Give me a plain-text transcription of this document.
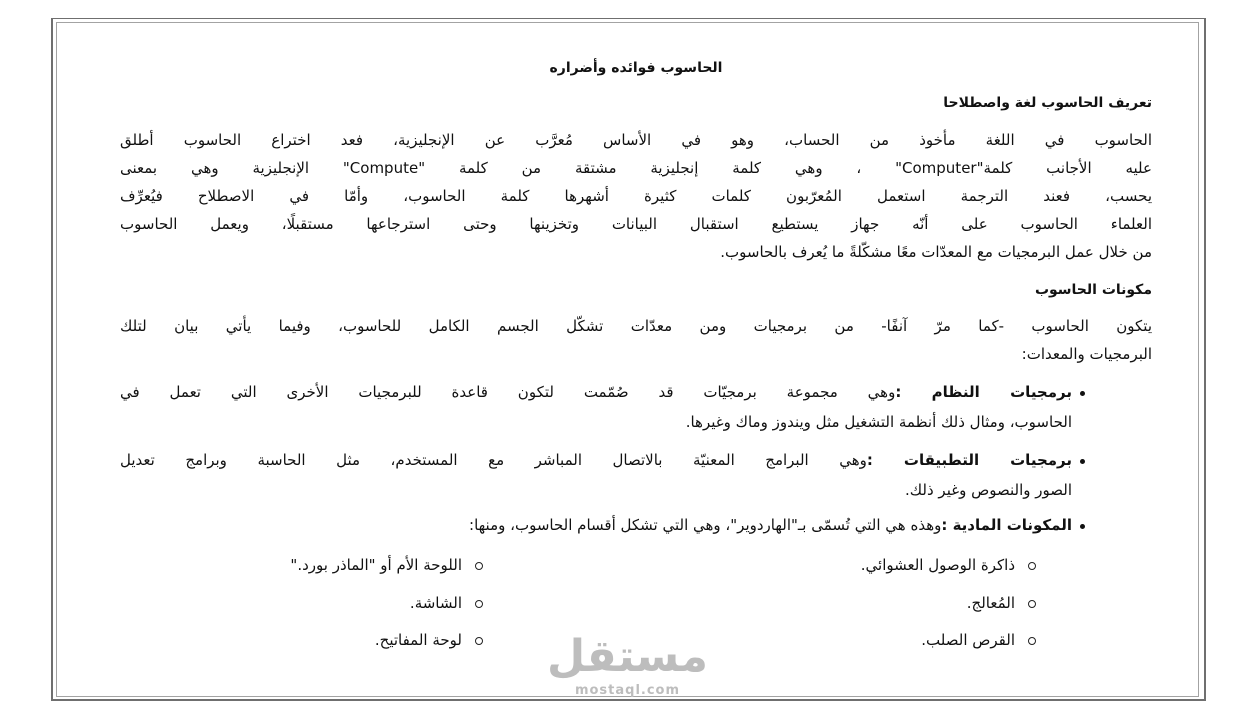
الحاسوب فوائده وأضراره
تعريف الحاسوب لغة واصطلاحا
الحاسوب في اللغة مأخوذ من الحساب، وهو في الأساس مُعرَّب عن الإنجليزية، فعد اختراع الحاسوب أطلق
عليه الأجانب كلمة"Computer" ، وهي كلمة إنجليزية مشتقة من كلمة "Compute" الإنجليزية وهي بمعنى
يحسب، فعند الترجمة استعمل المُعرّبون كلمات كثيرة أشهرها كلمة الحاسوب، وأمّا في الاصطلاح فيُعرِّف
العلماء الحاسوب على أنّه جهاز يستطيع استقبال البيانات وتخزينها وحتى استرجاعها مستقبلًا، ويعمل الحاسوب
من خلال عمل البرمجيات مع المعدّات معًا مشكّلةً ما يُعرف بالحاسوب.
مكونات الحاسوب
يتكون الحاسوب -كما مرّ آنفًا- من برمجيات ومن معدّات تشكّل الجسم الكامل للحاسوب، وفيما يأتي بيان لتلك
البرمجيات والمعدات:
برمجيات النظام :وهي مجموعة برمجيّات قد صُمّمت لتكون قاعدة للبرمجيات الأخرى التي تعمل في
الحاسوب، ومثال ذلك أنظمة التشغيل مثل ويندوز وماك وغيرها.
برمجيات التطبيقات :وهي البرامج المعنيّة بالاتصال المباشر مع المستخدم، مثل الحاسبة وبرامج تعديل
الصور والنصوص وغير ذلك.
المكونات المادية :وهذه هي التي تُسمّى بـ"الهاردوير"، وهي التي تشكل أقسام الحاسوب، ومنها:
ذاكرة الوصول العشوائي.
المُعالج.
القرص الصلب.
اللوحة الأم أو "الماذر بورد."
الشاشة.
لوحة المفاتيح. مستقل
mostaql.com
